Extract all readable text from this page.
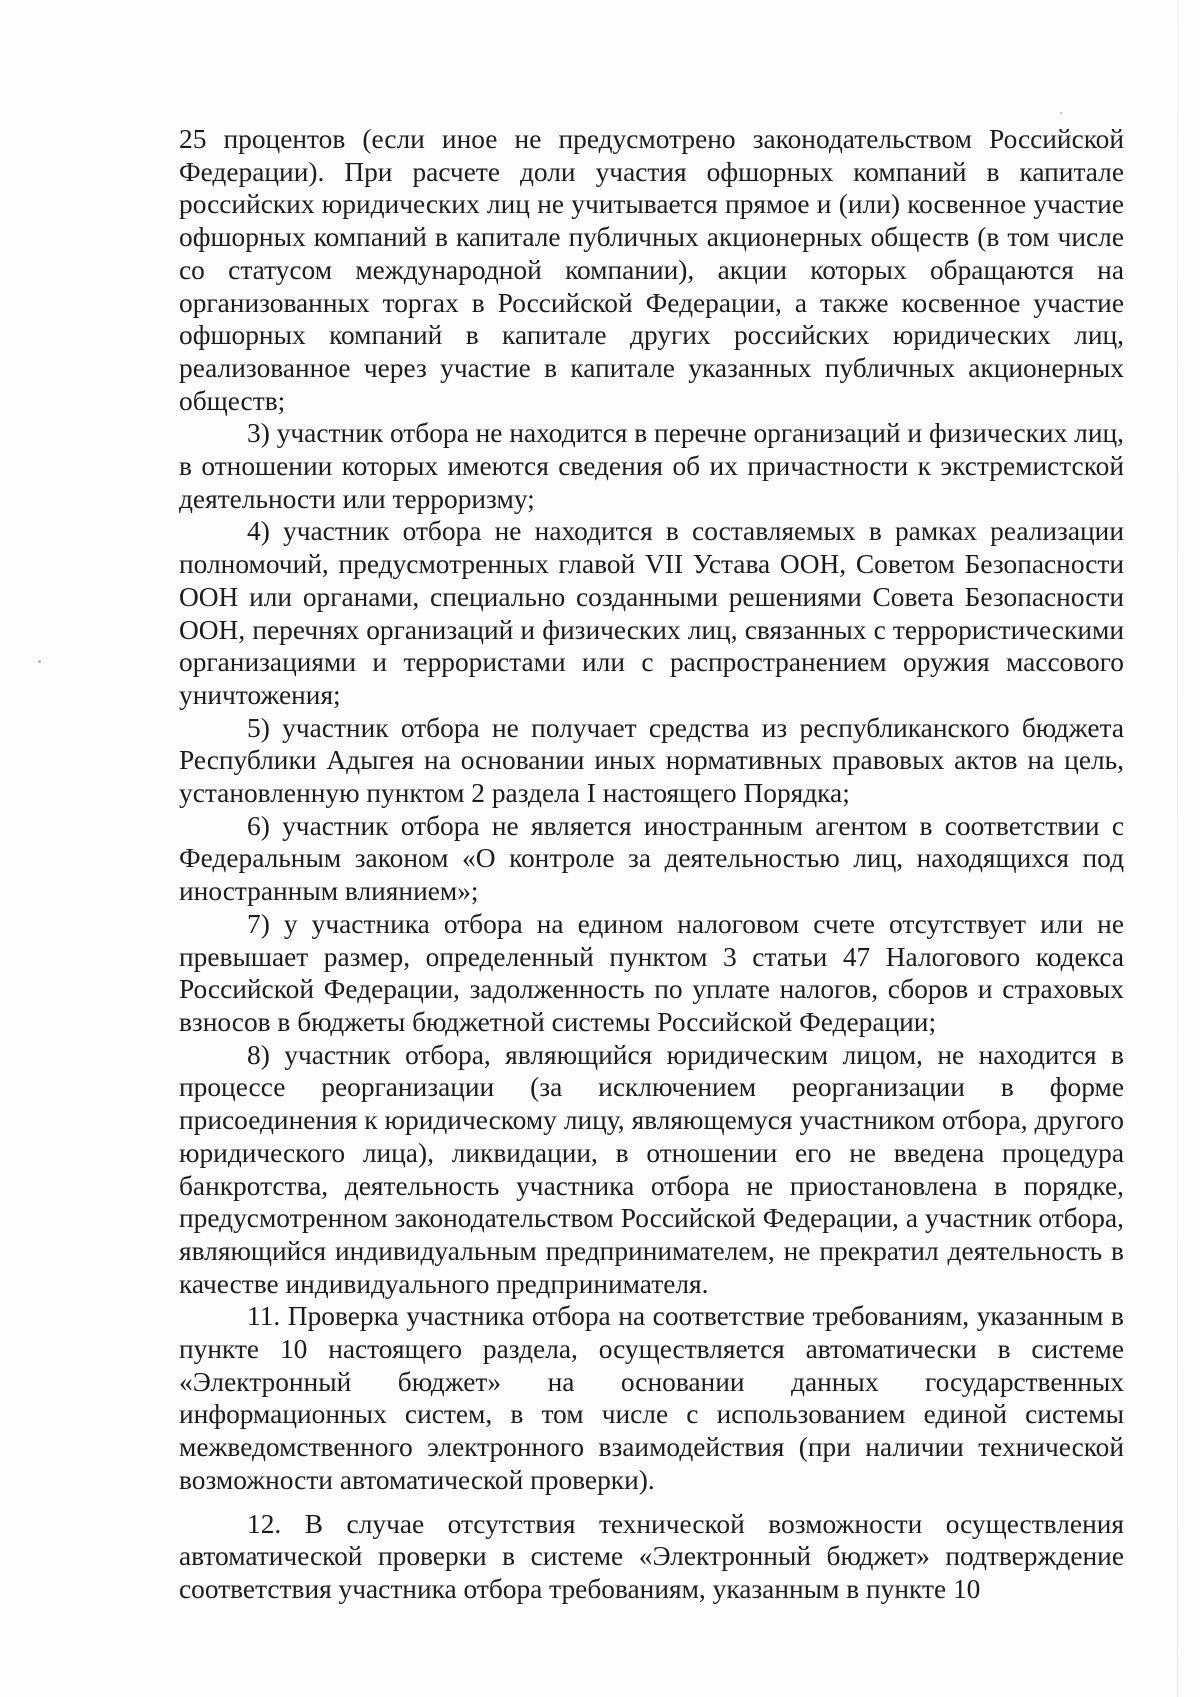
25 процентов (если иное не предусмотрено законодательством Российской Федерации). При расчете доли участия офшорных компаний в капитале российских юридических лиц не учитывается прямое и (или) косвенное участие офшорных компаний в капитале публичных акционерных обществ (в том числе со статусом международной компании), акции которых обращаются на организованных торгах в Российской Федерации, а также косвенное участие офшорных компаний в капитале других российских юридических лиц, реализованное через участие в капитале указанных публичных акционерных обществ;

3) участник отбора не находится в перечне организаций и физических лиц, в отношении которых имеются сведения об их причастности к экстремистской деятельности или терроризму;

4) участник отбора не находится в составляемых в рамках реализации полномочий, предусмотренных главой VII Устава ООН, Советом Безопасности ООН или органами, специально созданными решениями Совета Безопасности ООН, перечнях организаций и физических лиц, связанных с террористическими организациями и террористами или с распространением оружия массового уничтожения;

5) участник отбора не получает средства из республиканского бюджета Республики Адыгея на основании иных нормативных правовых актов на цель, установленную пунктом 2 раздела I настоящего Порядка;

6) участник отбора не является иностранным агентом в соответствии с Федеральным законом «О контроле за деятельностью лиц, находящихся под иностранным влиянием»;

7) у участника отбора на едином налоговом счете отсутствует или не превышает размер, определенный пунктом 3 статьи 47 Налогового кодекса Российской Федерации, задолженность по уплате налогов, сборов и страховых взносов в бюджеты бюджетной системы Российской Федерации;

8) участник отбора, являющийся юридическим лицом, не находится в процессе реорганизации (за исключением реорганизации в форме присоединения к юридическому лицу, являющемуся участником отбора, другого юридического лица), ликвидации, в отношении его не введена процедура банкротства, деятельность участника отбора не приостановлена в порядке, предусмотренном законодательством Российской Федерации, а участник отбора, являющийся индивидуальным предпринимателем, не прекратил деятельность в качестве индивидуального предпринимателя.

11. Проверка участника отбора на соответствие требованиям, указанным в пункте 10 настоящего раздела, осуществляется автоматически в системе «Электронный бюджет» на основании данных государственных информационных систем, в том числе с использованием единой системы межведомственного электронного взаимодействия (при наличии технической возможности автоматической проверки).

12. В случае отсутствия технической возможности осуществления автоматической проверки в системе «Электронный бюджет» подтверждение соответствия участника отбора требованиям, указанным в пункте 10
